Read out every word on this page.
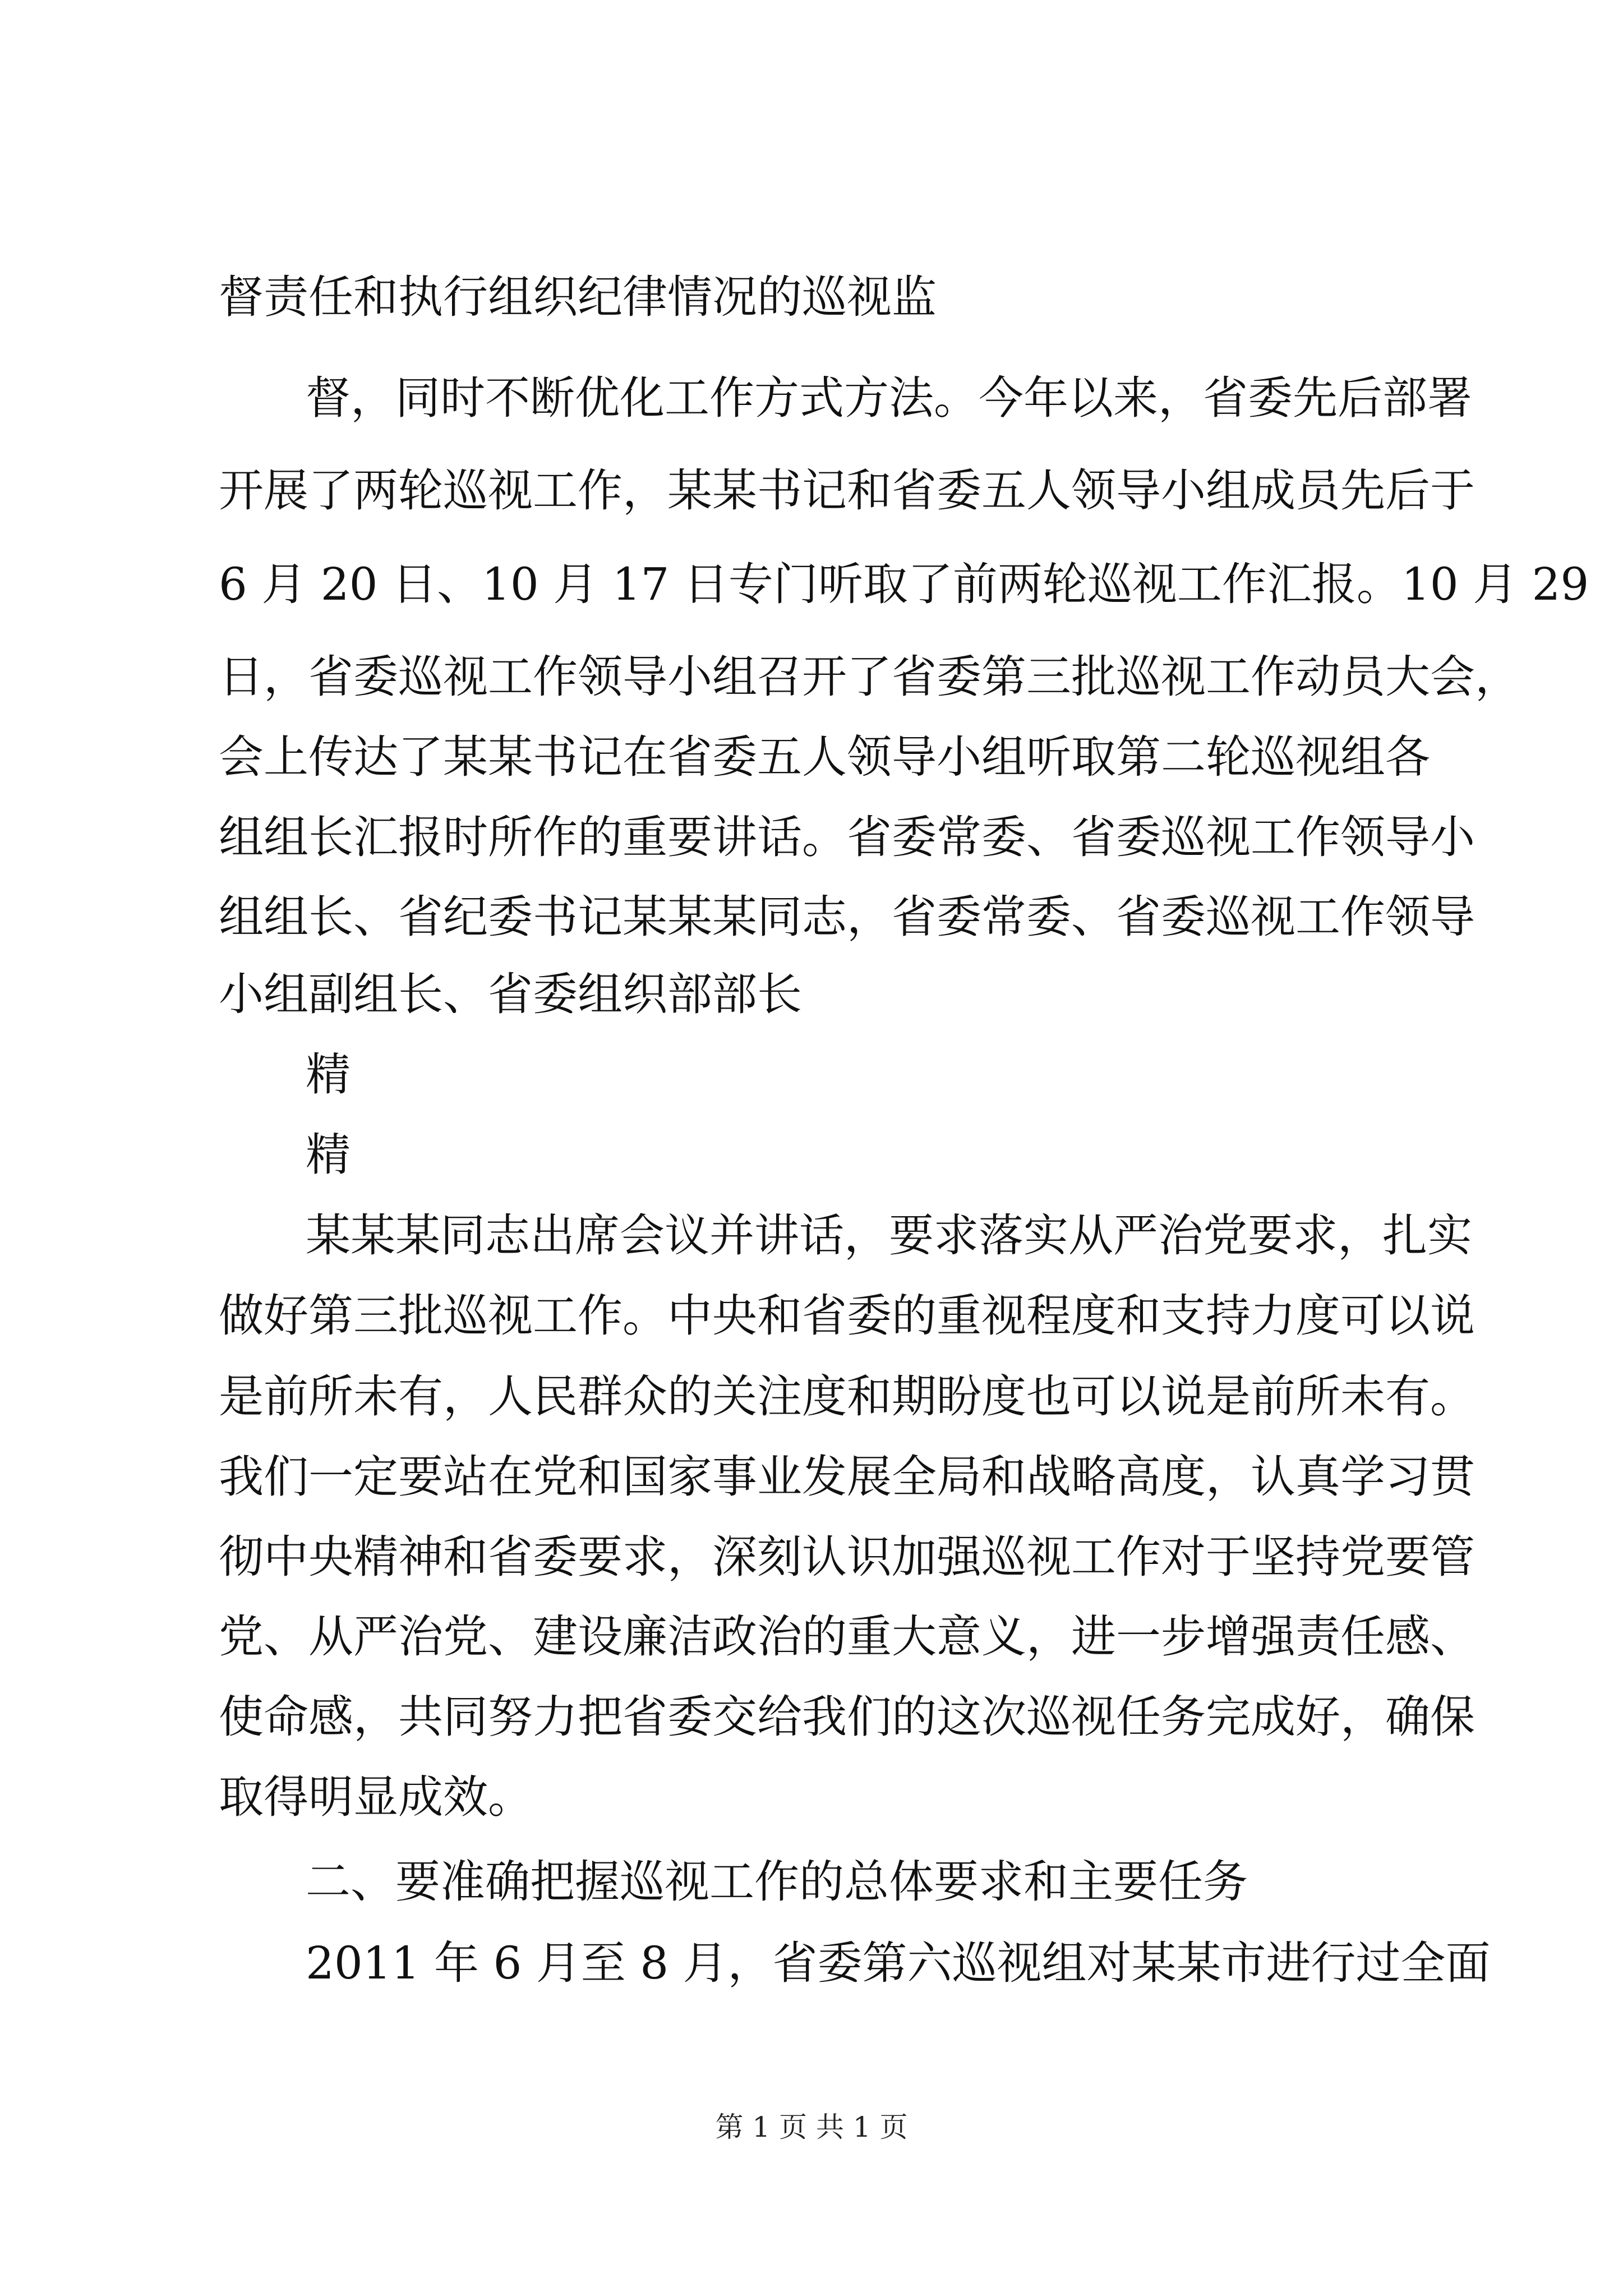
督责任和执行组织纪律情况的巡视监
督，同时不断优化工作方式方法。今年以来，省委先后部署
开展了两轮巡视工作，某某书记和省委五人领导小组成员先后于
6 月 20 日、10 月 17 日专门听取了前两轮巡视工作汇报。10 月 29
日，省委巡视工作领导小组召开了省委第三批巡视工作动员大会，
会上传达了某某书记在省委五人领导小组听取第二轮巡视组各
组组长汇报时所作的重要讲话。省委常委、省委巡视工作领导小
组组长、省纪委书记某某某同志，省委常委、省委巡视工作领导
小组副组长、省委组织部部长
精
精
某某某同志出席会议并讲话，要求落实从严治党要求，扎实
做好第三批巡视工作。中央和省委的重视程度和支持力度可以说
是前所未有，人民群众的关注度和期盼度也可以说是前所未有。
我们一定要站在党和国家事业发展全局和战略高度，认真学习贯
彻中央精神和省委要求，深刻认识加强巡视工作对于坚持党要管
党、从严治党、建设廉洁政治的重大意义，进一步增强责任感、
使命感，共同努力把省委交给我们的这次巡视任务完成好，确保
取得明显成效。
二、要准确把握巡视工作的总体要求和主要任务
2011 年 6 月至 8 月，省委第六巡视组对某某市进行过全面
第 1 页 共 1 页
